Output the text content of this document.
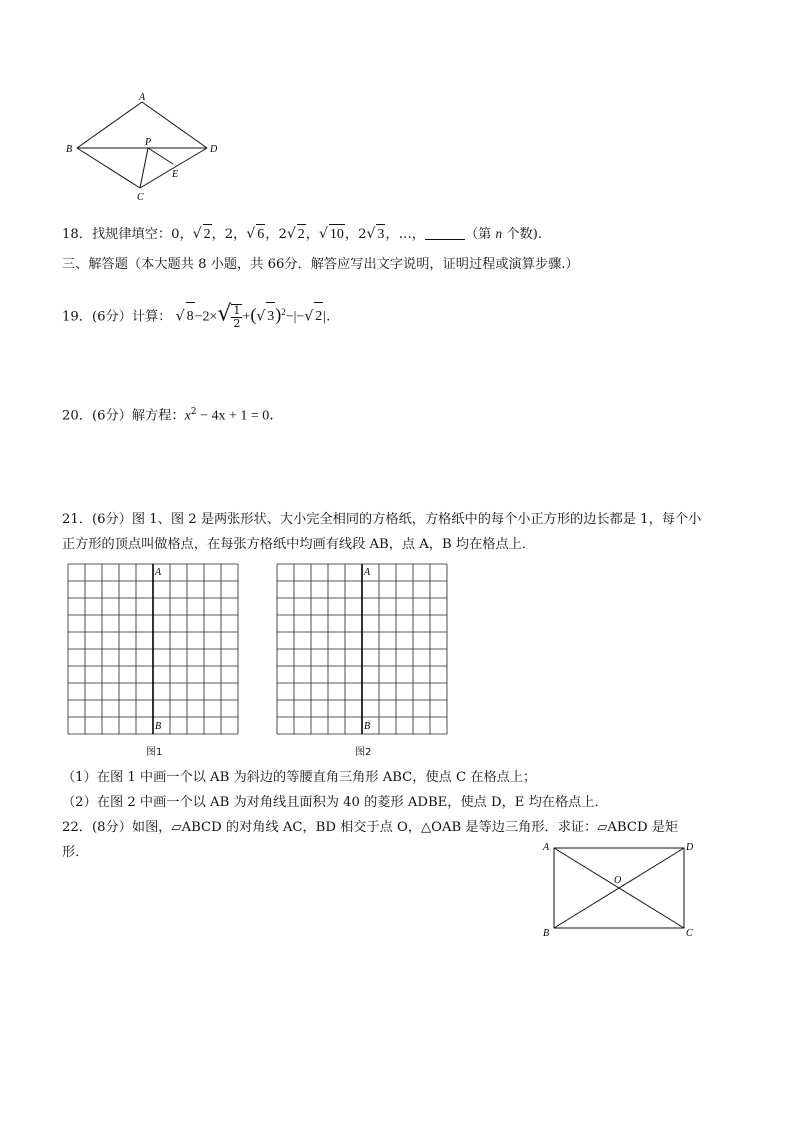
A
B
C
D
P
E
18．找规律填空：0，√ 2，2，√ 6，2√ 2，√ 10，2√ 3，…，	（第 n 个数).
三、解答题（本大题共 8 小题，共 66分．解答应写出文字说明，证明过程或演算步骤.）
19．(6分）计算： √ $8-2\times√ \frac{1}{2}$ +(√ 3)$^2$−|−√ 2|.
20．(6分）解方程：$x^2 - 4x + 1 = 0$．
21．(6分）图 1、图 2 是两张形状、大小完全相同的方格纸，方格纸中的每个小正方形的边长都是 1，每个小
正方形的顶点叫做格点，在每张方格纸中均画有线段 AB，点 A，B 均在格点上．
A
B
图1
A
B
图2
（1）在图 1 中画一个以 AB 为斜边的等腰直角三角形 ABC，使点 C 在格点上；
（2）在图 2 中画一个以 AB 为对角线且面积为 40 的菱形 ADBE，使点 D，E 均在格点上．
22．(8分）如图，▱ABCD 的对角线 AC，BD 相交于点 O，△OAB 是等边三角形．求证：▱ABCD 是矩
形．	A
B	C
D
O
